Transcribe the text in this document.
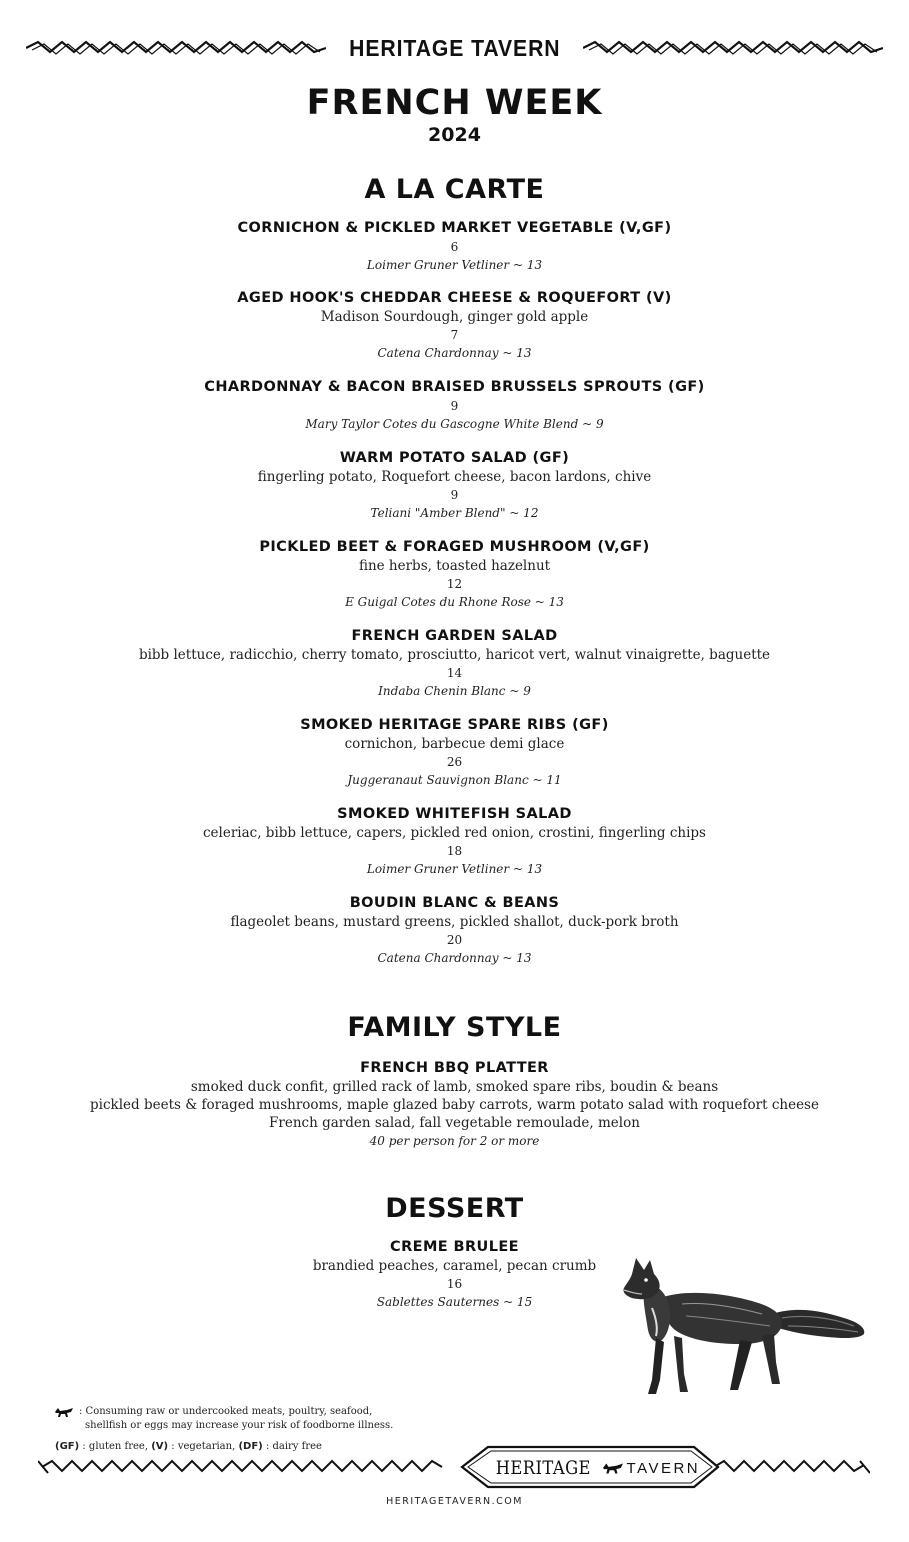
HERITAGE TAVERN
FRENCH WEEK
2024
A LA CARTE
CORNICHON & PICKLED MARKET VEGETABLE (V,GF)
6
Loimer Gruner Vetliner ~ 13
AGED HOOK'S CHEDDAR CHEESE & ROQUEFORT (V)
Madison Sourdough, ginger gold apple
7
Catena Chardonnay ~ 13
CHARDONNAY & BACON BRAISED BRUSSELS SPROUTS (GF)
9
Mary Taylor Cotes du Gascogne White Blend ~ 9
WARM POTATO SALAD (GF)
fingerling potato, Roquefort cheese, bacon lardons, chive
9
Teliani "Amber Blend" ~ 12
PICKLED BEET & FORAGED MUSHROOM (V,GF)
fine herbs, toasted hazelnut
12
E Guigal Cotes du Rhone Rose ~ 13
FRENCH GARDEN SALAD
bibb lettuce, radicchio, cherry tomato, prosciutto, haricot vert, walnut vinaigrette, baguette
14
Indaba Chenin Blanc ~ 9
SMOKED HERITAGE SPARE RIBS (GF)
cornichon, barbecue demi glace
26
Juggeranaut Sauvignon Blanc ~ 11
SMOKED WHITEFISH SALAD
celeriac, bibb lettuce, capers, pickled red onion, crostini, fingerling chips
18
Loimer Gruner Vetliner ~ 13
BOUDIN BLANC & BEANS
flageolet beans, mustard greens, pickled shallot, duck-pork broth
20
Catena Chardonnay ~ 13
FAMILY STYLE
FRENCH BBQ PLATTER
smoked duck confit, grilled rack of lamb, smoked spare ribs, boudin & beans
pickled beets & foraged mushrooms, maple glazed baby carrots, warm potato salad with roquefort cheese
French garden salad, fall vegetable remoulade, melon
40 per person for 2 or more
DESSERT
CREME BRULEE
brandied peaches, caramel, pecan crumb
16
Sablettes Sauternes ~ 15
: Consuming raw or undercooked meats, poultry, seafood,
shellfish or eggs may increase your risk of foodborne illness.
(GF) : gluten free, (V) : vegetarian, (DF) : dairy free
HERITAGE TAVERN
HERITAGETAVERN.COM
